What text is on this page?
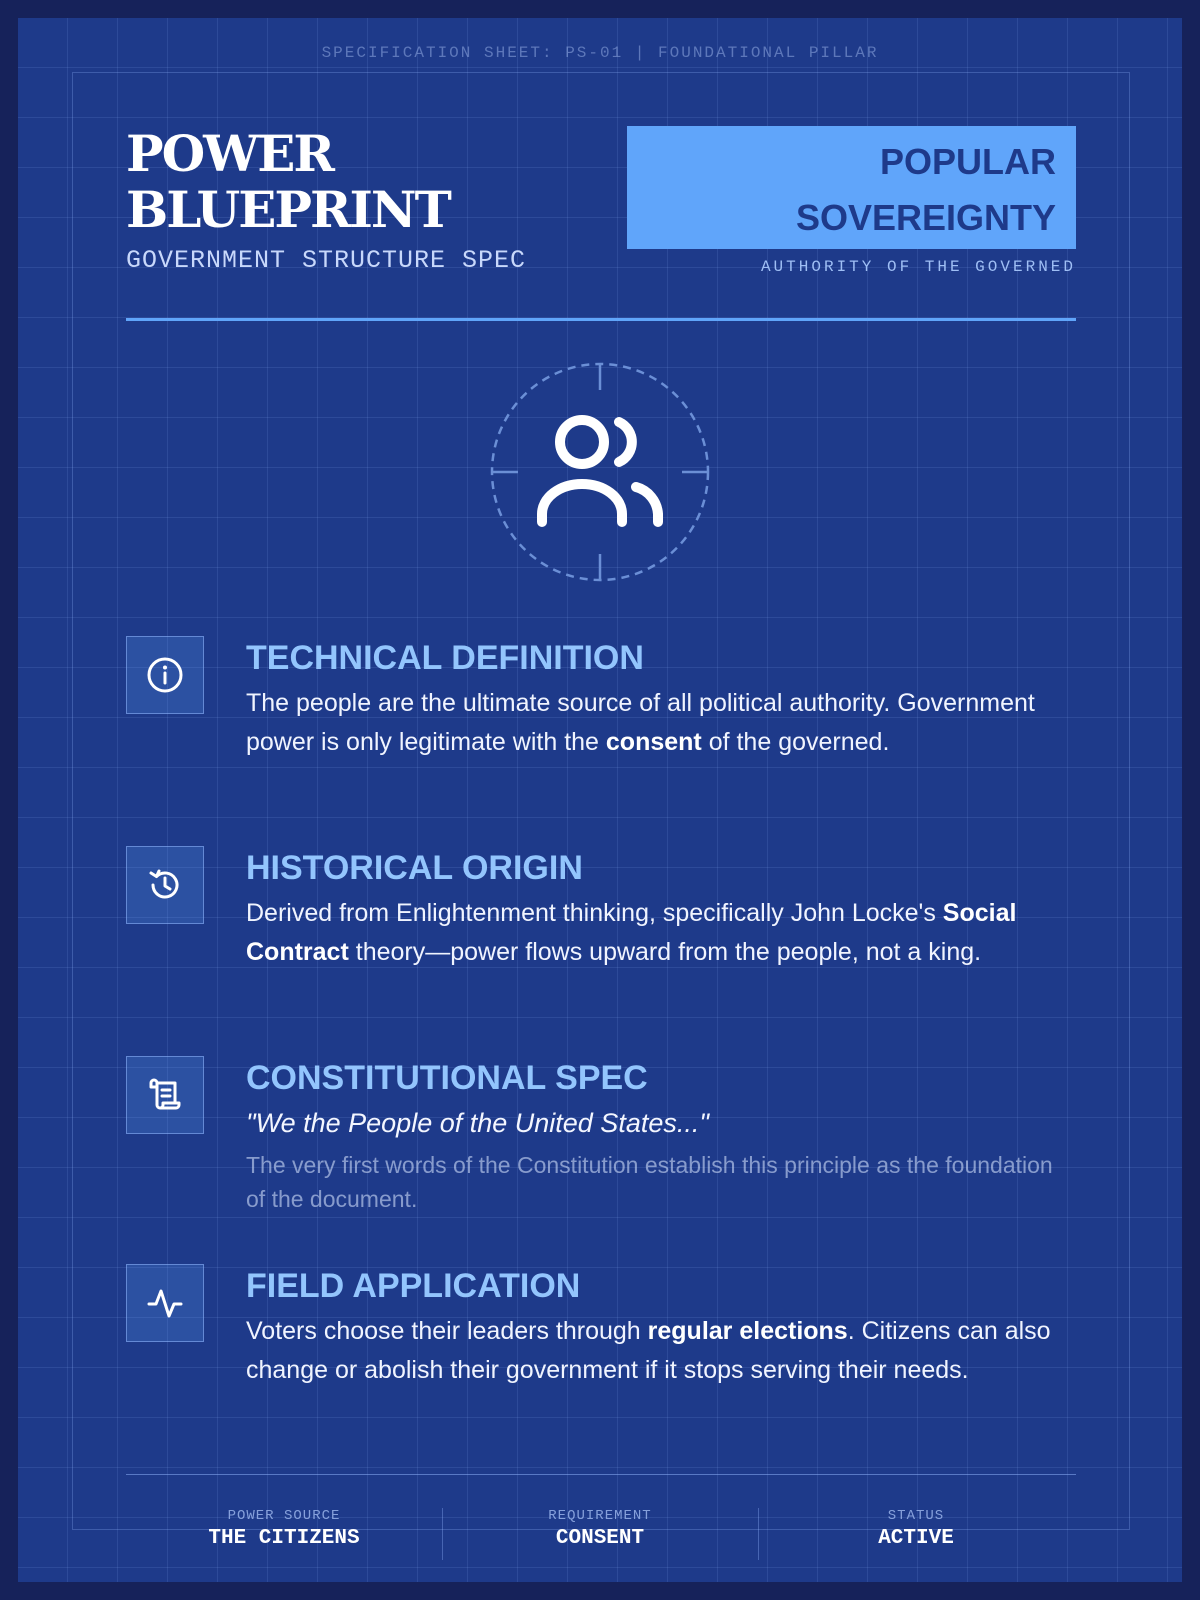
SPECIFICATION SHEET: PS-01 | FOUNDATIONAL PILLAR
POWER
BLUEPRINT
GOVERNMENT STRUCTURE SPEC
POPULAR
SOVEREIGNTY
AUTHORITY OF THE GOVERNED
TECHNICAL DEFINITION
The people are the ultimate source of all political authority. Government power is only legitimate with the consent of the governed.
HISTORICAL ORIGIN
Derived from Enlightenment thinking, specifically John Locke's Social Contract theory—power flows upward from the people, not a king.
CONSTITUTIONAL SPEC
"We the People of the United States..."
The very first words of the Constitution establish this principle as the foundation of the document.
FIELD APPLICATION
Voters choose their leaders through regular elections. Citizens can also change or abolish their government if it stops serving their needs.
POWER SOURCE
THE CITIZENS
REQUIREMENT
CONSENT
STATUS
ACTIVE
